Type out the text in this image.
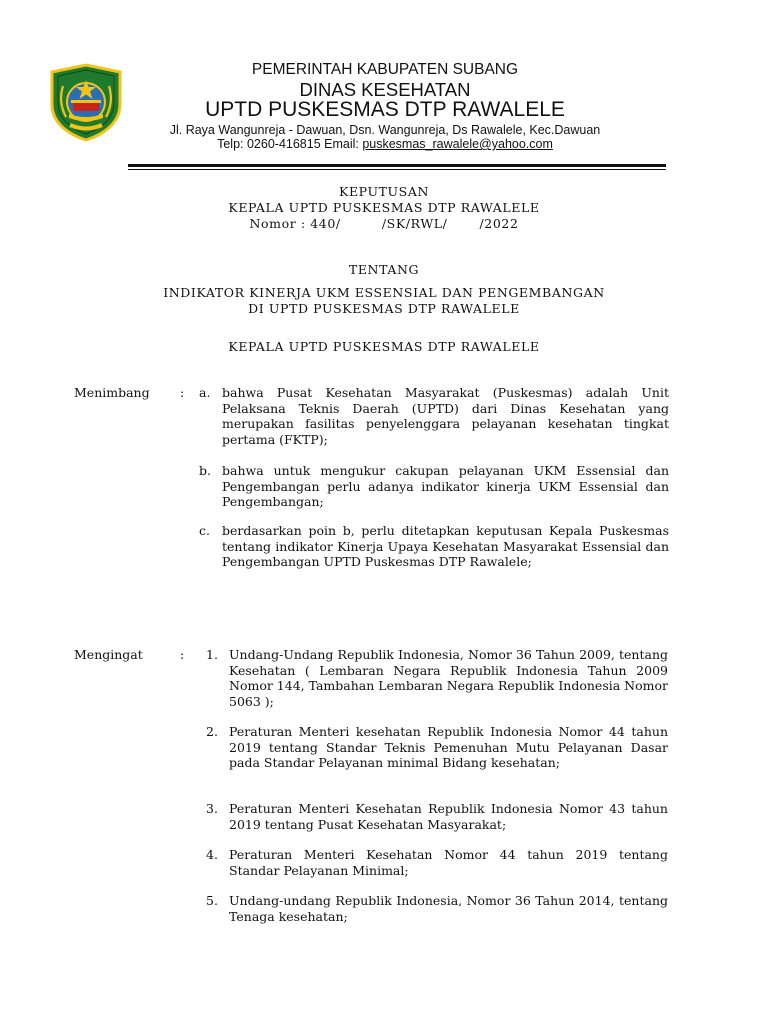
PEMERINTAH KABUPATEN SUBANG
DINAS KESEHATAN
UPTD PUSKESMAS DTP RAWALELE
Jl. Raya Wangunreja - Dawuan, Dsn. Wangunreja, Ds Rawalele, Kec.Dawuan
Telp: 0260-416815 Email: puskesmas_rawalele@yahoo.com
KEPUTUSAN
KEPALA UPTD PUSKESMAS DTP RAWALELE
Nomor : 440/         /SK/RWL/       /2022
TENTANG
INDIKATOR KINERJA UKM ESSENSIAL DAN PENGEMBANGAN
DI UPTD PUSKESMAS DTP RAWALELE
KEPALA UPTD PUSKESMAS DTP RAWALELE
Menimbang : a. bahwa Pusat Kesehatan Masyarakat (Puskesmas) adalah Unit Pelaksana Teknis Daerah (UPTD) dari Dinas Kesehatan yang merupakan fasilitas penyelenggara pelayanan kesehatan tingkat pertama (FKTP);
b. bahwa untuk mengukur cakupan pelayanan UKM Essensial dan Pengembangan perlu adanya indikator kinerja UKM Essensial dan Pengembangan;
c. berdasarkan poin b, perlu ditetapkan keputusan Kepala Puskesmas tentang indikator Kinerja Upaya Kesehatan Masyarakat Essensial dan Pengembangan UPTD Puskesmas DTP Rawalele;
Mengingat	: 1. Undang-Undang Republik Indonesia, Nomor 36 Tahun 2009, tentang Kesehatan ( Lembaran Negara Republik Indonesia Tahun 2009 Nomor 144, Tambahan Lembaran Negara Republik Indonesia Nomor 5063 );
2. Peraturan Menteri kesehatan Republik Indonesia Nomor 44 tahun 2019 tentang Standar Teknis Pemenuhan Mutu Pelayanan Dasar pada Standar Pelayanan minimal Bidang kesehatan;
3. Peraturan Menteri Kesehatan Republik Indonesia Nomor 43 tahun 2019 tentang Pusat Kesehatan Masyarakat;
4. Peraturan Menteri Kesehatan Nomor 44 tahun 2019 tentang Standar Pelayanan Minimal;
5. Undang-undang Republik Indonesia, Nomor 36 Tahun 2014, tentang Tenaga kesehatan;
